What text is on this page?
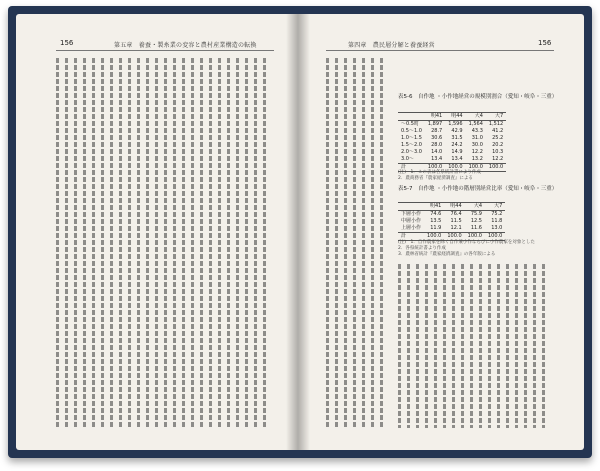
156	第五章　養蚕・製糸業の変容と農村産業構造の転換	第四章　農民層分解と養蚕経営	156
表5-6　自作地 ・小作地経営の規模別割合（愛知・岐阜・三重）
	明41	明44	大4	大7
～0.5町	1,897	1,596	1,564	1,512
0.5～1.0	28.7	42.9	43.3	41.2
1.0～1.5	30.6	31.5	31.0	25.2
1.5～2.0	28.0	24.2	30.0	20.2
2.0～3.0	14.0	14.9	12.2	10.3
3.0～	13.4	13.4	13.2	12.2
計	100.0	100.0	100.0	100.0
(注)　1．この表は各県統計書により作成
2．農商務省『農家経済調査』による
表5-7　自作地 ・小作地の階層別経営比率（愛知・岐阜・三重）
	明41	明44	大4	大7
下層小作	74.6	76.4	75.9	75.2
中層小作	13.5	11.5	12.5	11.8
上層小作	11.9	12.1	11.6	13.0
計	100.0	100.0	100.0	100.0
(注)　1．自作農家を除く自作兼小作ならびに小作農家を対象とした
2．各県統計書より作成
3．農林省統計『農家経済調査』の各年版による
